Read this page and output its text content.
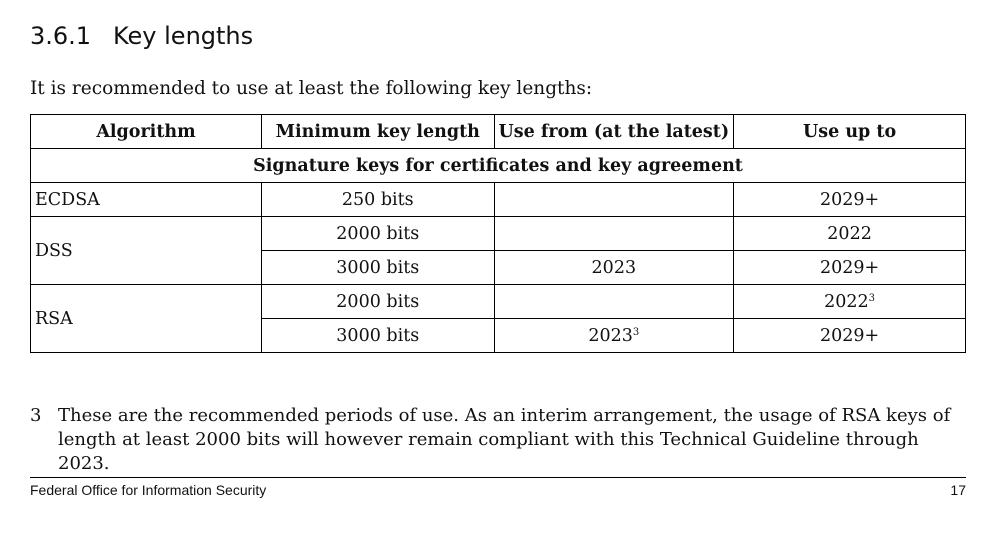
3.6.1 Key lengths
It is recommended to use at least the following key lengths:
Algorithm	Minimum key length	Use from (at the latest)	Use up to
Signature keys for certificates and key agreement			
ECDSA	250 bits		2029+
DSS	2000 bits		2022
	3000 bits	2023	2029+
RSA	2000 bits		2022$^3$
	3000 bits	2023$^3$	2029+
3 These are the recommended periods of use. As an interim arrangement, the usage of RSA keys of length at least 2000 bits will however remain compliant with this Technical Guideline through 2023.
Federal Office for Information Security	17
